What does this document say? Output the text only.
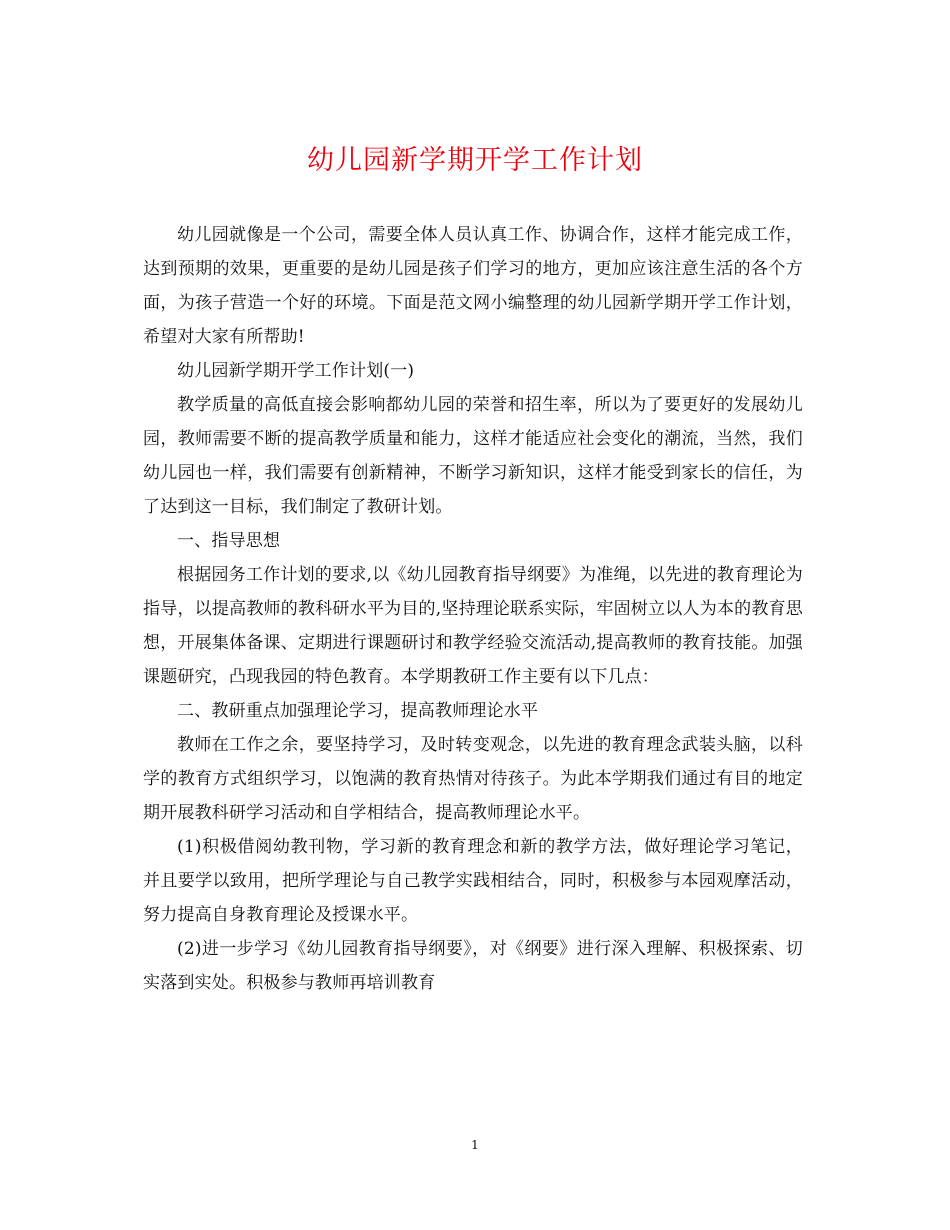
幼儿园新学期开学工作计划

幼儿园就像是一个公司，需要全体人员认真工作、协调合作，这样才能完成工作，达到预期的效果，更重要的是幼儿园是孩子们学习的地方，更加应该注意生活的各个方面，为孩子营造一个好的环境。下面是范文网小编整理的幼儿园新学期开学工作计划，希望对大家有所帮助!

幼儿园新学期开学工作计划(一)

教学质量的高低直接会影响都幼儿园的荣誉和招生率，所以为了要更好的发展幼儿园，教师需要不断的提高教学质量和能力，这样才能适应社会变化的潮流，当然，我们幼儿园也一样，我们需要有创新精神，不断学习新知识，这样才能受到家长的信任，为了达到这一目标，我们制定了教研计划。

一、指导思想

根据园务工作计划的要求,以《幼儿园教育指导纲要》为准绳，以先进的教育理论为指导，以提高教师的教科研水平为目的,坚持理论联系实际，牢固树立以人为本的教育思想，开展集体备课、定期进行课题研讨和教学经验交流活动,提高教师的教育技能。加强课题研究，凸现我园的特色教育。本学期教研工作主要有以下几点：

二、教研重点加强理论学习，提高教师理论水平

教师在工作之余，要坚持学习，及时转变观念，以先进的教育理念武装头脑，以科学的教育方式组织学习，以饱满的教育热情对待孩子。为此本学期我们通过有目的地定期开展教科研学习活动和自学相结合，提高教师理论水平。

(1)积极借阅幼教刊物，学习新的教育理念和新的教学方法，做好理论学习笔记，并且要学以致用，把所学理论与自己教学实践相结合，同时，积极参与本园观摩活动，努力提高自身教育理论及授课水平。

(2)进一步学习《幼儿园教育指导纲要》，对《纲要》进行深入理解、积极探索、切实落到实处。积极参与教师再培训教育

1
